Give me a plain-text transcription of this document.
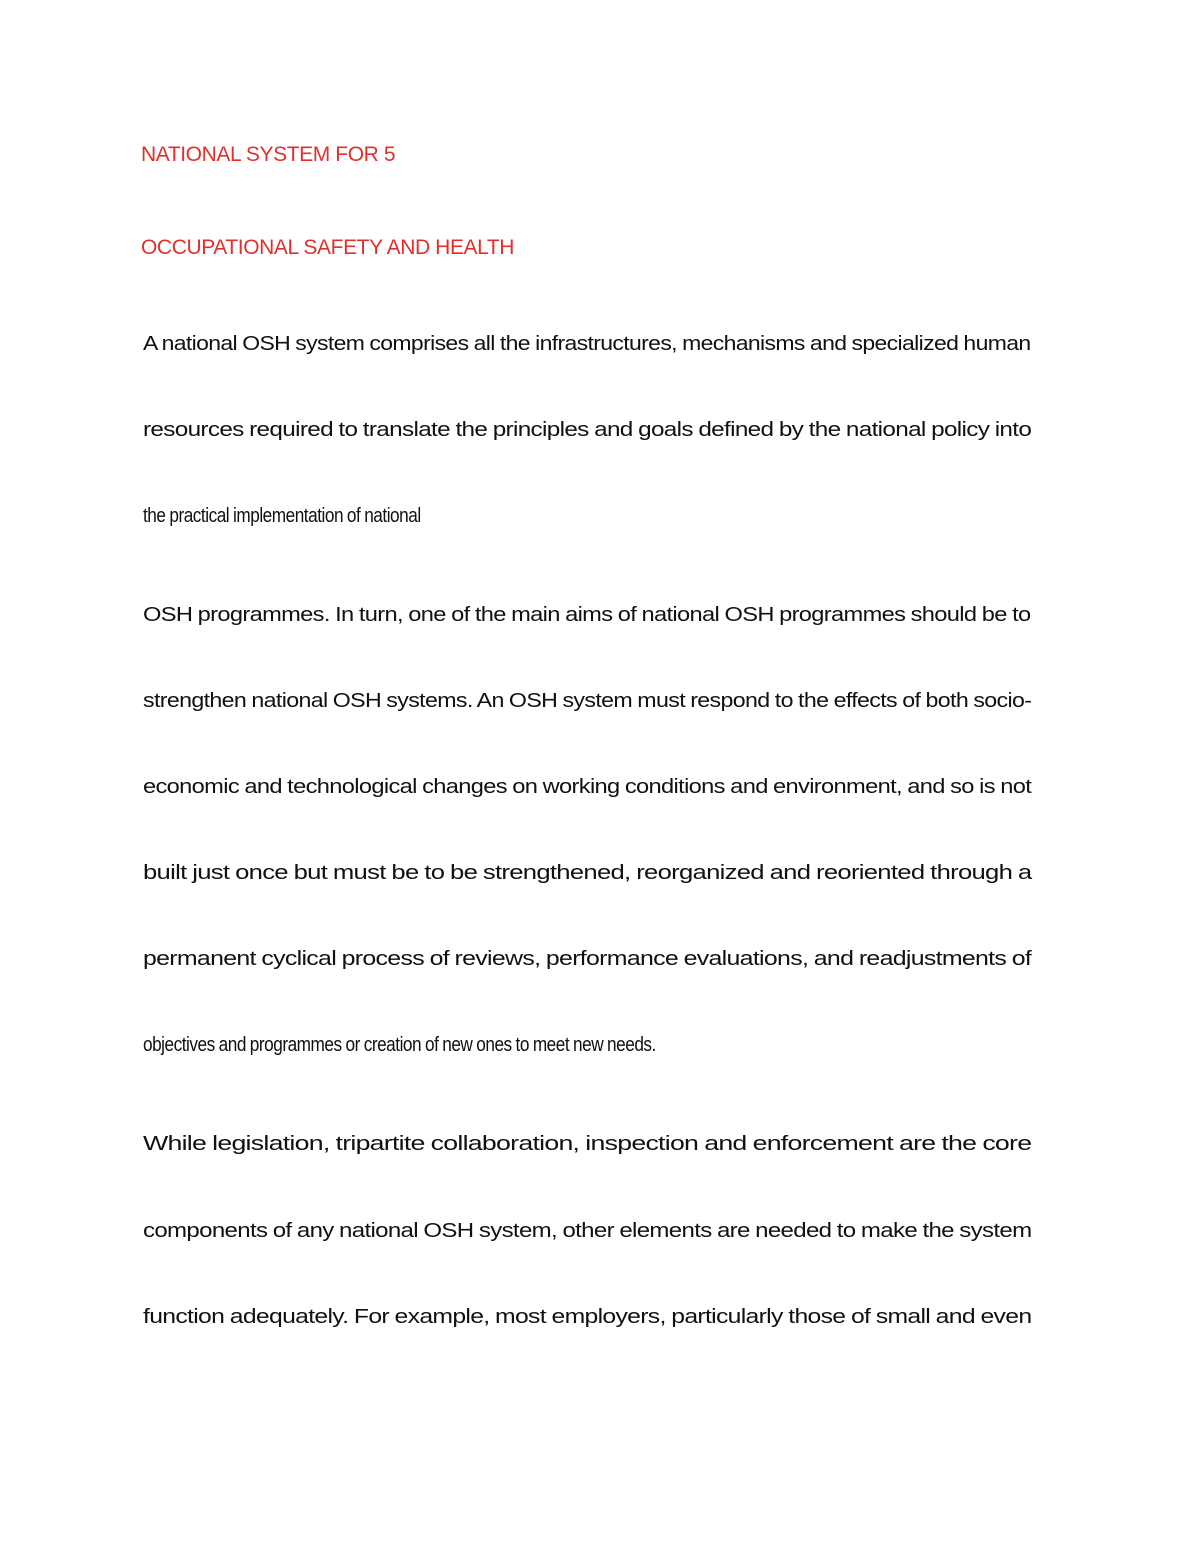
NATIONAL SYSTEM FOR 5
OCCUPATIONAL SAFETY AND HEALTH
A national OSH system comprises all the infrastructures, mechanisms and specialized human
resources required to translate the principles and goals defined by the national policy into
the practical implementation of national
OSH programmes. In turn, one of the main aims of national OSH programmes should be to
strengthen national OSH systems. An OSH system must respond to the effects of both socio-
economic and technological changes on working conditions and environment, and so is not
built just once but must be to be strengthened, reorganized and reoriented through a
permanent cyclical process of reviews, performance evaluations, and readjustments of
objectives and programmes or creation of new ones to meet new needs.
While legislation, tripartite collaboration, inspection and enforcement are the core
components of any national OSH system, other elements are needed to make the system
function adequately. For example, most employers, particularly those of small and even
